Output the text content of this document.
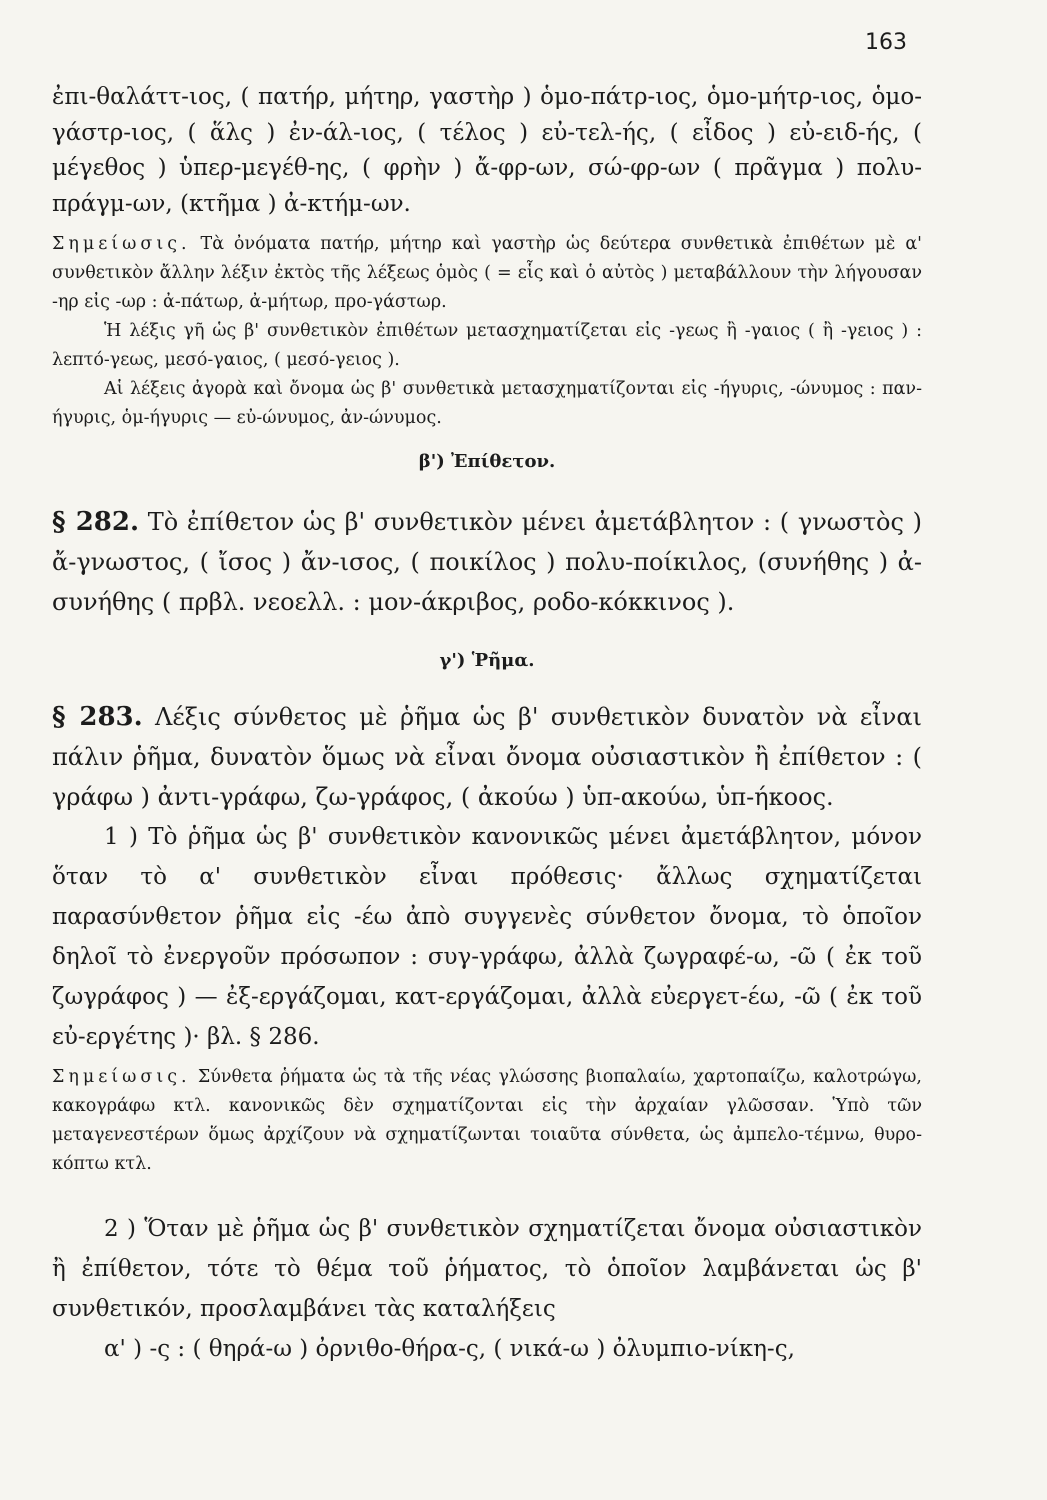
163

ἐπι-θαλάττ-ιος, ( πατήρ, μήτηρ, γαστὴρ ) ὁμο-πάτρ-ιος, ὁμο-μήτρ-ιος, ὁμο-γάστρ-ιος, ( ἅλς ) ἐν-άλ-ιος, ( τέλος ) εὐ-τελ-ής, ( εἶδος ) εὐ-ειδ-ής, ( μέγεθος ) ὑπερ-μεγέθ-ης, ( φρὴν ) ἄ-φρ-ων, σώ-φρ-ων ( πρᾶγμα ) πολυ-πράγμ-ων, (κτῆμα ) ἀ-κτήμ-ων.

Σημείωσις. Τὰ ὀνόματα πατήρ, μήτηρ καὶ γαστὴρ ὡς δεύτερα συνθετικὰ ἐπιθέτων μὲ α' συνθετικὸν ἄλλην λέξιν ἐκτὸς τῆς λέξεως ὁμὸς ( = εἷς καὶ ὁ αὐτὸς ) μεταβάλλουν τὴν λήγουσαν -ηρ εἰς -ωρ : ἀ-πάτωρ, ἀ-μήτωρ, προ-γάστωρ.

Ἡ λέξις γῆ ὡς β' συνθετικὸν ἐπιθέτων μετασχηματίζεται εἰς -γεως ἢ -γαιος ( ἢ -γειος ) : λεπτό-γεως, μεσό-γαιος, ( μεσό-γειος ).

Αἱ λέξεις ἀγορὰ καὶ ὄνομα ὡς β' συνθετικὰ μετασχηματίζονται εἰς -ήγυρις, -ώνυμος : παν-ήγυρις, ὁμ-ήγυρις — εὐ-ώνυμος, ἀν-ώνυμος.

β') Ἐπίθετον.

§ 282. Τὸ ἐπίθετον ὡς β' συνθετικὸν μένει ἀμετάβλητον : ( γνωστὸς ) ἄ-γνωστος, ( ἴσος ) ἄν-ισος, ( ποικίλος ) πολυ-ποίκιλος, (συνήθης ) ἀ-συνήθης ( πρβλ. νεοελλ. : μον-άκριβος, ροδο-κόκκινος ).

γ') Ῥῆμα.

§ 283. Λέξις σύνθετος μὲ ῥῆμα ὡς β' συνθετικὸν δυνατὸν νὰ εἶναι πάλιν ῥῆμα, δυνατὸν ὅμως νὰ εἶναι ὄνομα οὐσιαστικὸν ἢ ἐπίθετον : ( γράφω ) ἀντι-γράφω, ζω-γράφος, ( ἀκούω ) ὑπ-ακούω, ὑπ-ήκοος.

1 ) Τὸ ῥῆμα ὡς β' συνθετικὸν κανονικῶς μένει ἀμετάβλητον, μόνον ὅταν τὸ α' συνθετικὸν εἶναι πρόθεσις· ἄλλως σχηματίζεται παρασύνθετον ῥῆμα εἰς -έω ἀπὸ συγγενὲς σύνθετον ὄνομα, τὸ ὁποῖον δηλοῖ τὸ ἐνεργοῦν πρόσωπον : συγ-γράφω, ἀλλὰ ζωγραφέ-ω, -ῶ ( ἐκ τοῦ ζωγράφος ) — ἐξ-εργάζομαι, κατ-εργάζομαι, ἀλλὰ εὐεργετ-έω, -ῶ ( ἐκ τοῦ εὐ-εργέτης )· βλ. § 286.

Σημείωσις. Σύνθετα ῥήματα ὡς τὰ τῆς νέας γλώσσης βιοπαλαίω, χαρτοπαίζω, καλοτρώγω, κακογράφω κτλ. κανονικῶς δὲν σχηματίζονται εἰς τὴν ἀρχαίαν γλῶσσαν. Ὑπὸ τῶν μεταγενεστέρων ὅμως ἀρχίζουν νὰ σχηματίζωνται τοιαῦτα σύνθετα, ὡς ἀμπελο-τέμνω, θυρο-κόπτω κτλ.

2 ) Ὅταν μὲ ῥῆμα ὡς β' συνθετικὸν σχηματίζεται ὄνομα οὐσιαστικὸν ἢ ἐπίθετον, τότε τὸ θέμα τοῦ ῥήματος, τὸ ὁποῖον λαμβάνεται ὡς β' συνθετικόν, προσλαμβάνει τὰς καταλήξεις

α' ) -ς : ( θηρά-ω ) ὀρνιθο-θήρα-ς, ( νικά-ω ) ὀλυμπιο-νίκη-ς,
